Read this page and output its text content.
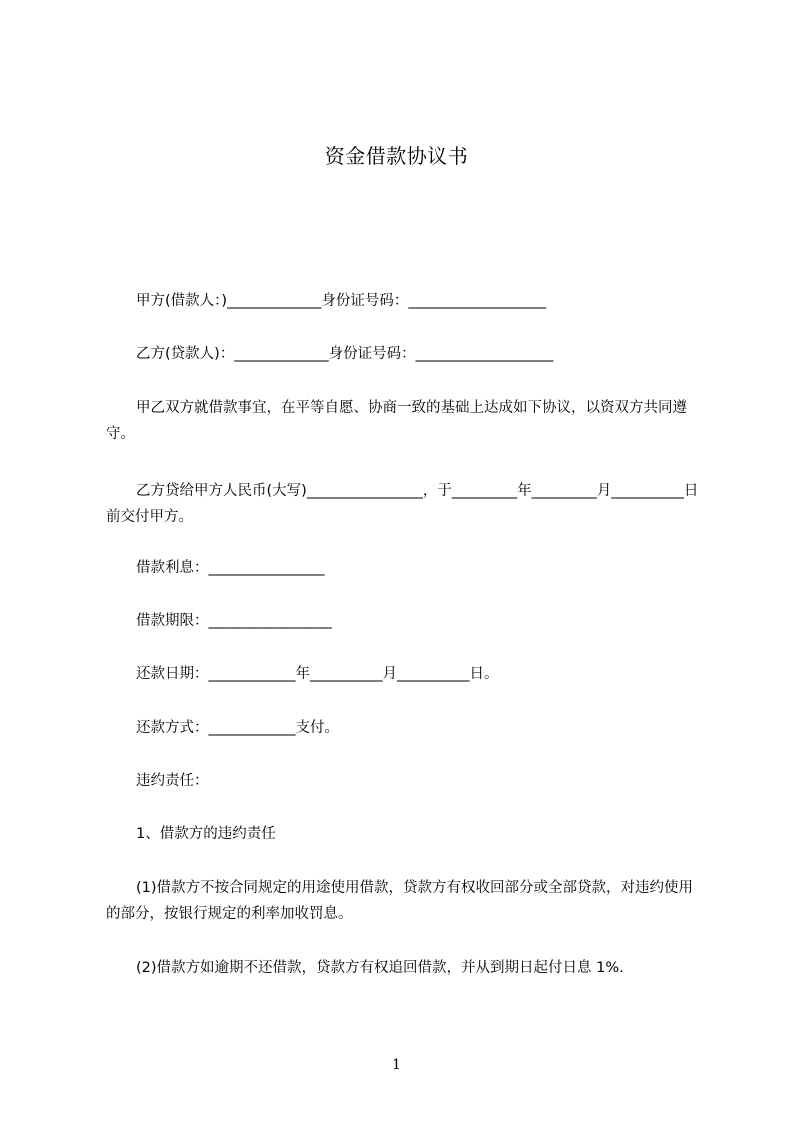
资金借款协议书
甲方(借款人：)_____________身份证号码：___________________
乙方(贷款人)：_____________身份证号码：___________________
甲乙双方就借款事宜，在平等自愿、协商一致的基础上达成如下协议，以资双方共同遵守。
乙方贷给甲方人民币(大写)________________，于_________年_________月__________日前交付甲方。
借款利息：________________
借款期限：_________________
还款日期：____________年__________月__________日。
还款方式：____________支付。
违约责任：
1、借款方的违约责任
(1)借款方不按合同规定的用途使用借款，贷款方有权收回部分或全部贷款，对违约使用的部分，按银行规定的利率加收罚息。
(2)借款方如逾期不还借款，贷款方有权追回借款，并从到期日起付日息 1%.
1
